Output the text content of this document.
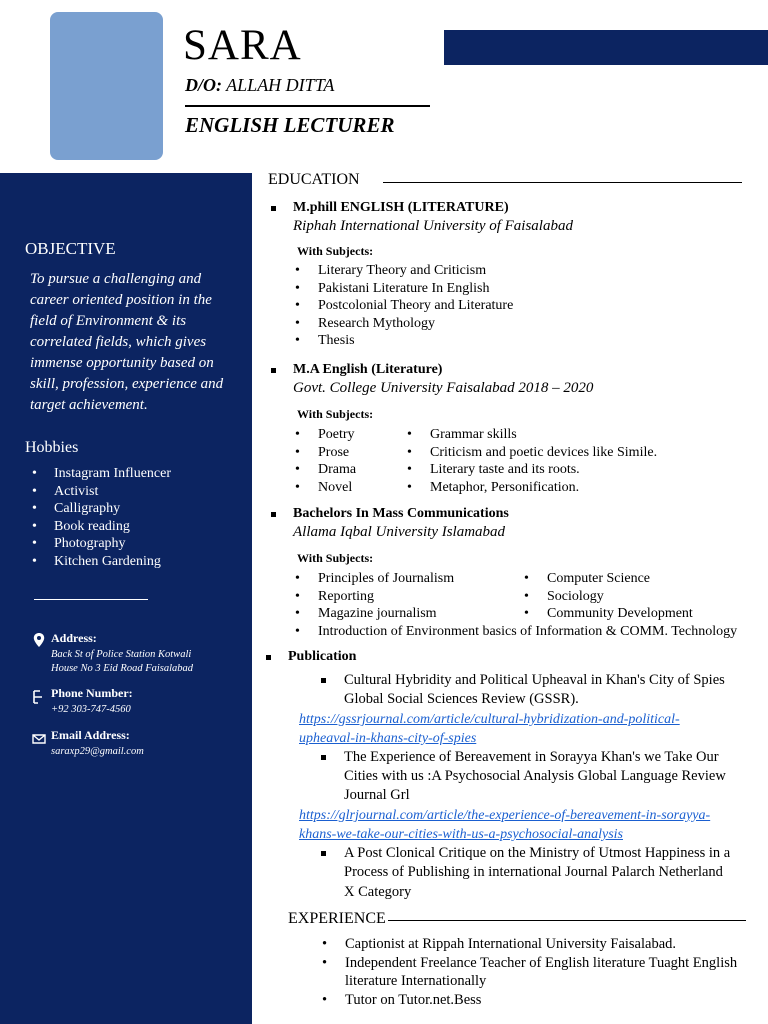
SARA
D/O: ALLAH DITTA
ENGLISH LECTURER
OBJECTIVE
To pursue a challenging and career oriented position in the field of Environment & its correlated fields, which gives immense opportunity based on skill, profession, experience and target achievement.
Hobbies
• Instagram Influencer
• Activist
• Calligraphy
• Book reading
• Photography
• Kitchen Gardening
Address:
Back St of Police Station Kotwali
House No 3 Eid Road Faisalabad
Phone Number:
+92 303-747-4560
Email Address:
saraxp29@gmail.com
EDUCATION
M.phill ENGLISH (LITERATURE)
Riphah International University of Faisalabad
With Subjects:
• Literary Theory and Criticism
• Pakistani Literature In English
• Postcolonial Theory and Literature
• Research Mythology
• Thesis
M.A English (Literature)
Govt. College University Faisalabad 2018 – 2020
With Subjects:
• Poetry
• Prose
• Drama
• Novel
• Grammar skills
• Criticism and poetic devices like Simile.
• Literary taste and its roots.
• Metaphor, Personification.
Bachelors In Mass Communications
Allama Iqbal University Islamabad
With Subjects:
• Principles of Journalism
• Reporting
• Magazine journalism
• Introduction of Environment basics of Information & COMM. Technology
• Computer Science
• Sociology
• Community Development
Publication
Cultural Hybridity and Political Upheaval in Khan's City of Spies
Global Social Sciences Review (GSSR).
https://gssrjournal.com/article/cultural-hybridization-and-political-
upheaval-in-khans-city-of-spies
The Experience of Bereavement in Sorayya Khan's we Take Our
Cities with us :A Psychosocial Analysis Global Language Review
Journal Grl
https://glrjournal.com/article/the-experience-of-bereavement-in-sorayya-
khans-we-take-our-cities-with-us-a-psychosocial-analysis
A Post Clonical Critique on the Ministry of Utmost Happiness in a
Process of Publishing in international Journal Palarch Netherland
X Category
EXPERIENCE
• Captionist at Rippah International University Faisalabad.
• Independent Freelance Teacher of English literature Tuaght English literature Internationally
• Tutor on Tutor.net.Bess
